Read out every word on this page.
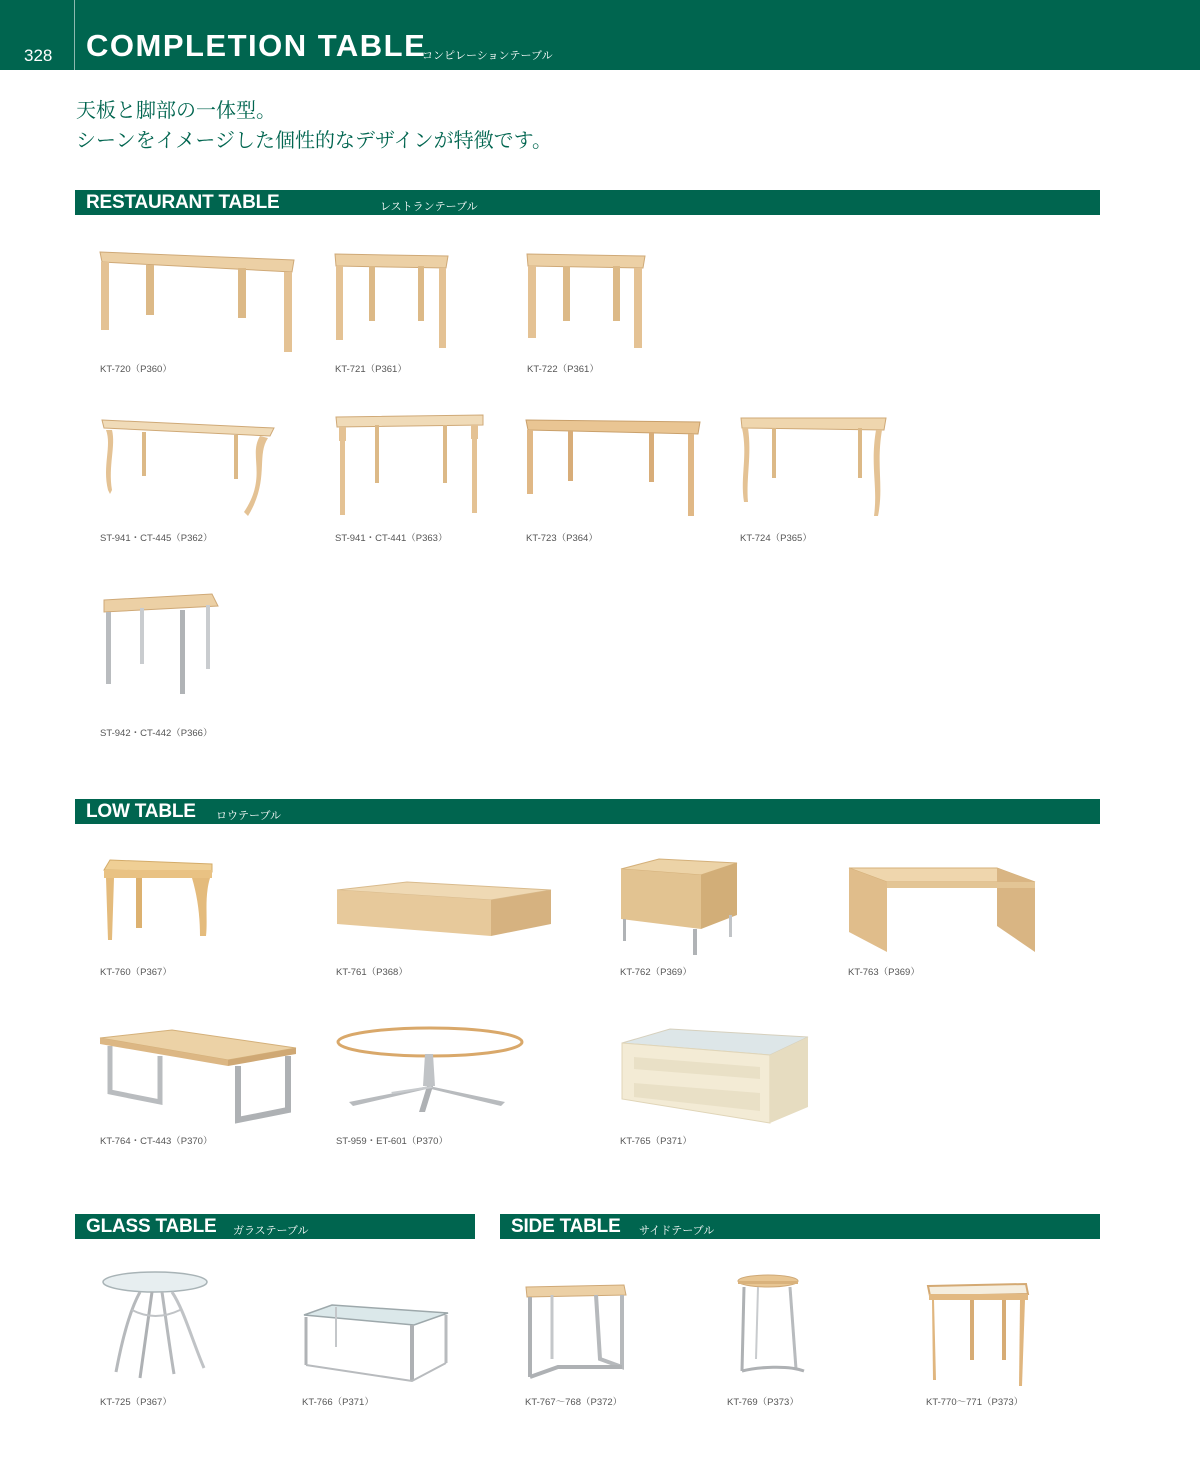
328 COMPLETION TABLE
コンピレーションテーブル
天板と脚部の一体型。
シーンをイメージした個性的なデザインが特徴です。
RESTAURANT TABLE	レストランテーブル
KT-720（P360）	KT-721（P361）	KT-722（P361）
ST-941・CT-445（P362）	ST-941・CT-441（P363）	KT-723（P364）	KT-724（P365）
ST-942・CT-442（P366）
LOW TABLE ロウテーブル
KT-760（P367）	KT-761（P368）	KT-762（P369）	KT-763（P369）
KT-764・CT-443（P370）	ST-959・ET-601（P370）	KT-765（P371）
GLASS TABLE ガラステーブル	SIDE TABLE サイドテーブル
KT-725（P367）	KT-766（P371）	KT-767～768（P372）	KT-769（P373）	KT-770～771（P373）
